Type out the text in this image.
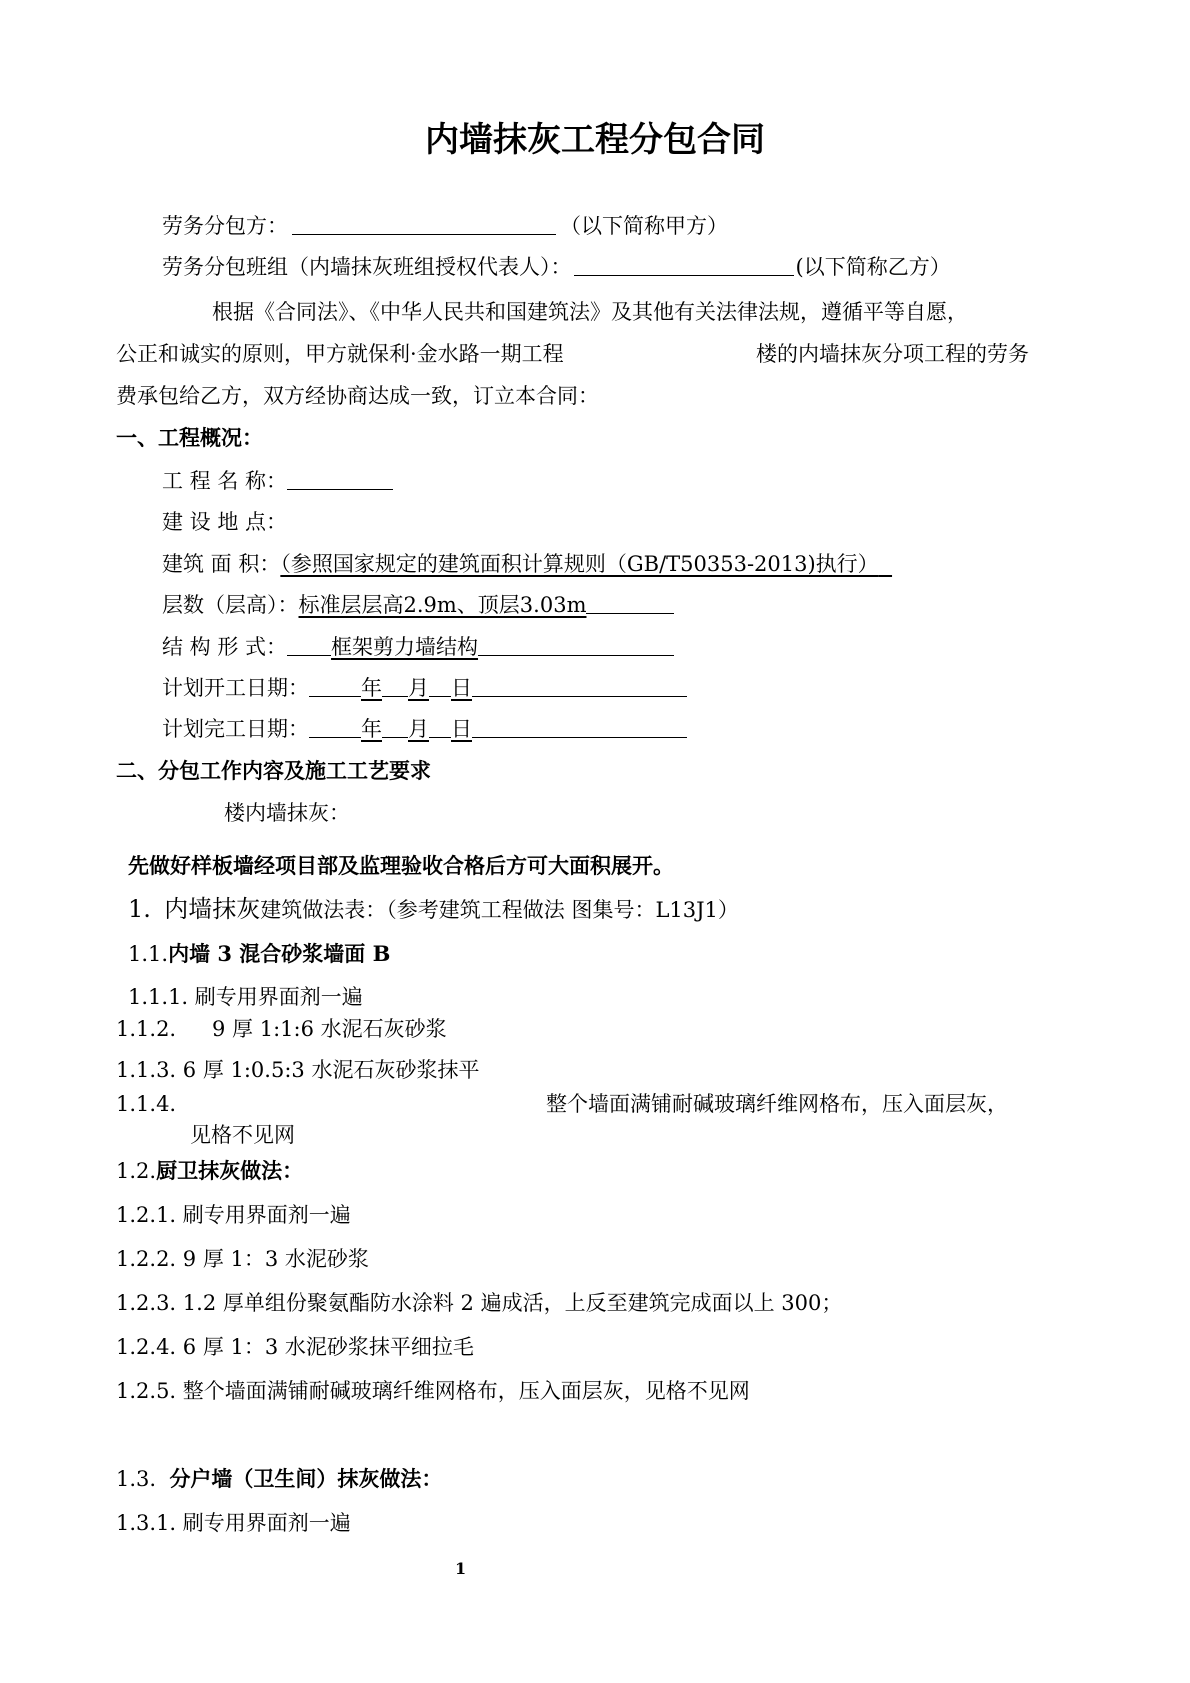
内墙抹灰工程分包合同
劳务分包方：	（以下简称甲方）
劳务分包班组（内墙抹灰班组授权代表人）：	(以下简称乙方）
根据《合同法》、《中华人民共和国建筑法》及其他有关法律法规，遵循平等自愿，
公正和诚实的原则，甲方就保利·金水路一期工程	楼的内墙抹灰分项工程的劳务
费承包给乙方，双方经协商达成一致，订立本合同：
一、工程概况：
工 程 名 称：
建 设 地 点：
建筑 面 积：（参照国家规定的建筑面积计算规则（GB/T50353-2013)执行）
层数（层高）：标准层层高2.9m、顶层3.03m
结 构 形 式： 框架剪力墙结构
计划开工日期： 年 月 日
计划完工日期： 年 月 日
二、分包工作内容及施工工艺要求
楼内墙抹灰：
先做好样板墙经项目部及监理验收合格后方可大面积展开。
1. 内墙抹灰建筑做法表：（参考建筑工程做法 图集号：L13J1）
1.1.内墙 3 混合砂浆墙面 B
1.1.1. 刷专用界面剂一遍
1.1.2. 9 厚 1:1:6 水泥石灰砂浆
1.1.3. 6 厚 1:0.5:3 水泥石灰砂浆抹平
1.1.4.	整个墙面满铺耐碱玻璃纤维网格布，压入面层灰，
见格不见网
1.2.厨卫抹灰做法：
1.2.1. 刷专用界面剂一遍
1.2.2. 9 厚 1：3 水泥砂浆
1.2.3. 1.2 厚单组份聚氨酯防水涂料 2 遍成活，上反至建筑完成面以上 300；
1.2.4. 6 厚 1：3 水泥砂浆抹平细拉毛
1.2.5. 整个墙面满铺耐碱玻璃纤维网格布，压入面层灰，见格不见网
1.3. 分户墙（卫生间）抹灰做法：
1.3.1. 刷专用界面剂一遍
1
